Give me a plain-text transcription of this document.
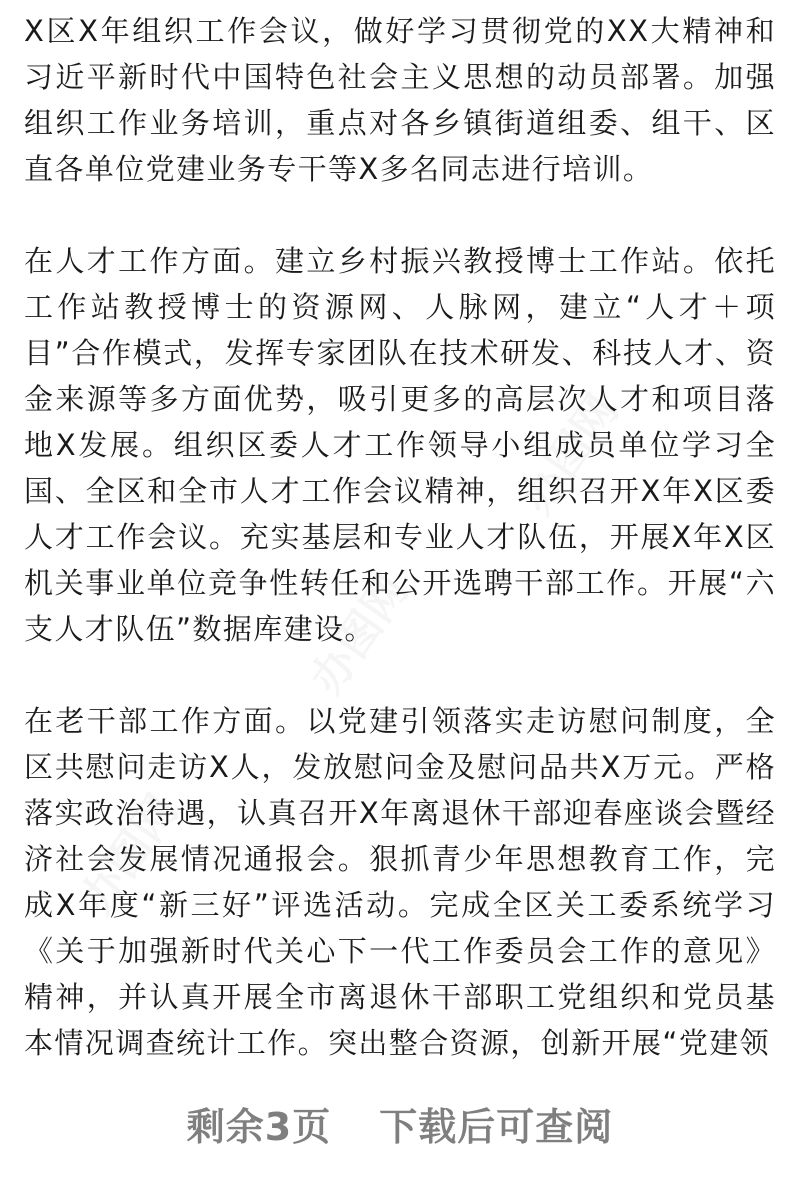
办图网
办图网
办图网

X区X年组织工作会议，做好学习贯彻党的XX大精神和习近平新时代中国特色社会主义思想的动员部署。加强组织工作业务培训，重点对各乡镇街道组委、组干、区直各单位党建业务专干等X多名同志进行培训。

在人才工作方面。建立乡村振兴教授博士工作站。依托工作站教授博士的资源网、人脉网，建立“人才＋项目”合作模式，发挥专家团队在技术研发、科技人才、资金来源等多方面优势，吸引更多的高层次人才和项目落地X发展。组织区委人才工作领导小组成员单位学习全国、全区和全市人才工作会议精神，组织召开X年X区委人才工作会议。充实基层和专业人才队伍，开展X年X区机关事业单位竞争性转任和公开选聘干部工作。开展“六支人才队伍”数据库建设。

在老干部工作方面。以党建引领落实走访慰问制度，全区共慰问走访X人，发放慰问金及慰问品共X万元。严格落实政治待遇，认真召开X年离退休干部迎春座谈会暨经济社会发展情况通报会。狠抓青少年思想教育工作，完成X年度“新三好”评选活动。完成全区关工委系统学习《关于加强新时代关心下一代工作委员会工作的意见》精神，并认真开展全市离退休干部职工党组织和党员基本情况调查统计工作。突出整合资源，创新开展“党建领

剩余3页 下载后可查阅
